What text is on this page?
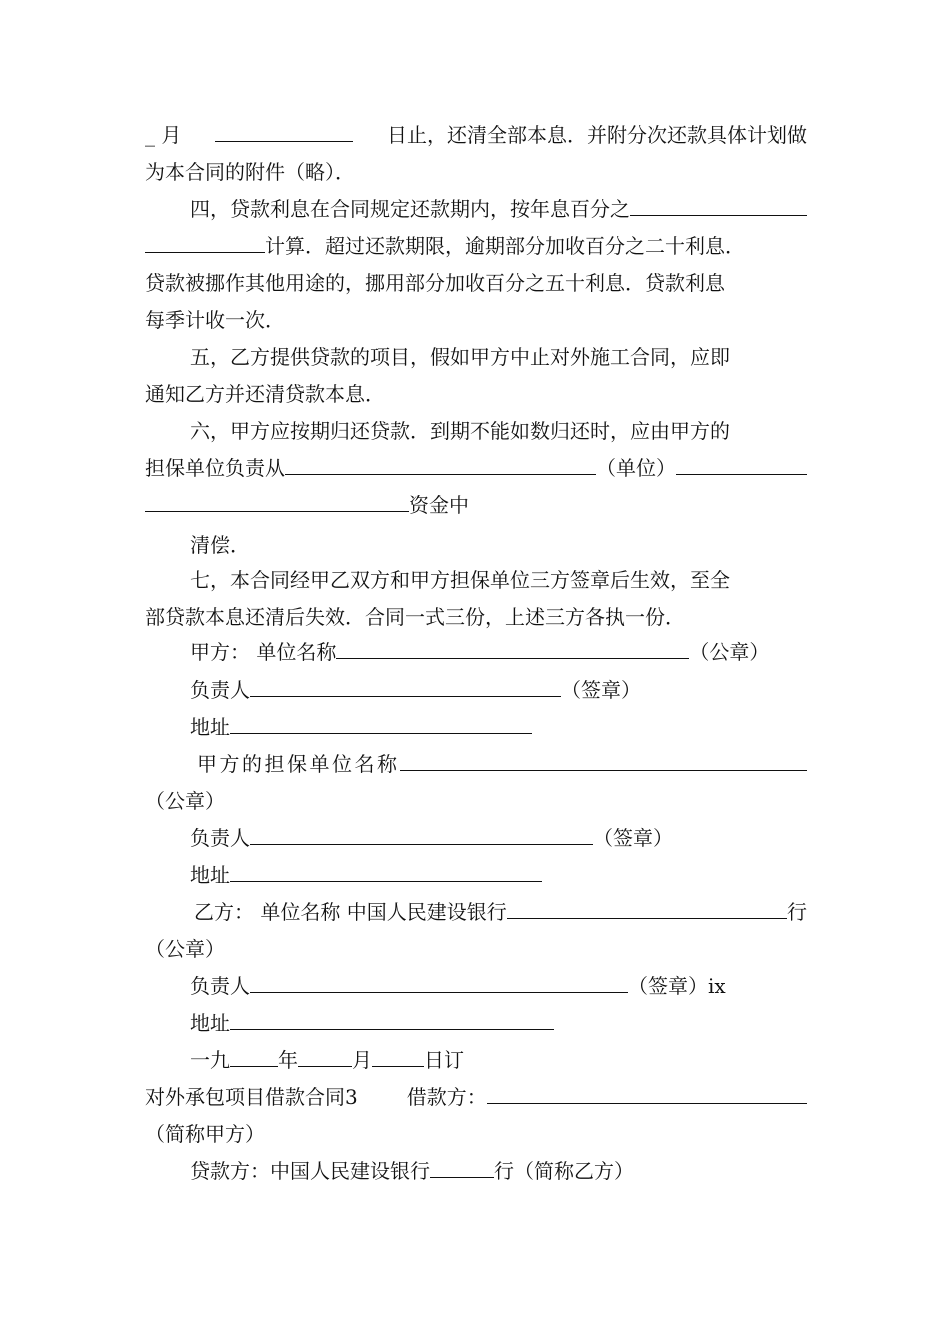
_ 月	日止，还清全部本息．并附分次还款具体计划做
为本合同的附件（略）．
四，贷款利息在合同规定还款期内，按年息百分之
计算．超过还款期限，逾期部分加收百分之二十利息．
贷款被挪作其他用途的，挪用部分加收百分之五十利息．贷款利息
每季计收一次．
五，乙方提供贷款的项目，假如甲方中止对外施工合同，应即
通知乙方并还清贷款本息．
六，甲方应按期归还贷款．到期不能如数归还时，应由甲方的
担保单位负责从	（单位）
资金中
清偿．
七，本合同经甲乙双方和甲方担保单位三方签章后生效，至全
部贷款本息还清后失效．合同一式三份，上述三方各执一份．
甲方： 单位名称	（公章）
负责人	（签章）
地址
甲方的担保单位名称
（公章）
负责人	（签章）
地址
乙方： 单位名称 中国人民建设银行	行
（公章）
负责人	（签章）ix
地址
一九 年	月	日订
对外承包项目借款合同3 借款方：
（简称甲方）
贷款方：中国人民建设银行	行（简称乙方）
